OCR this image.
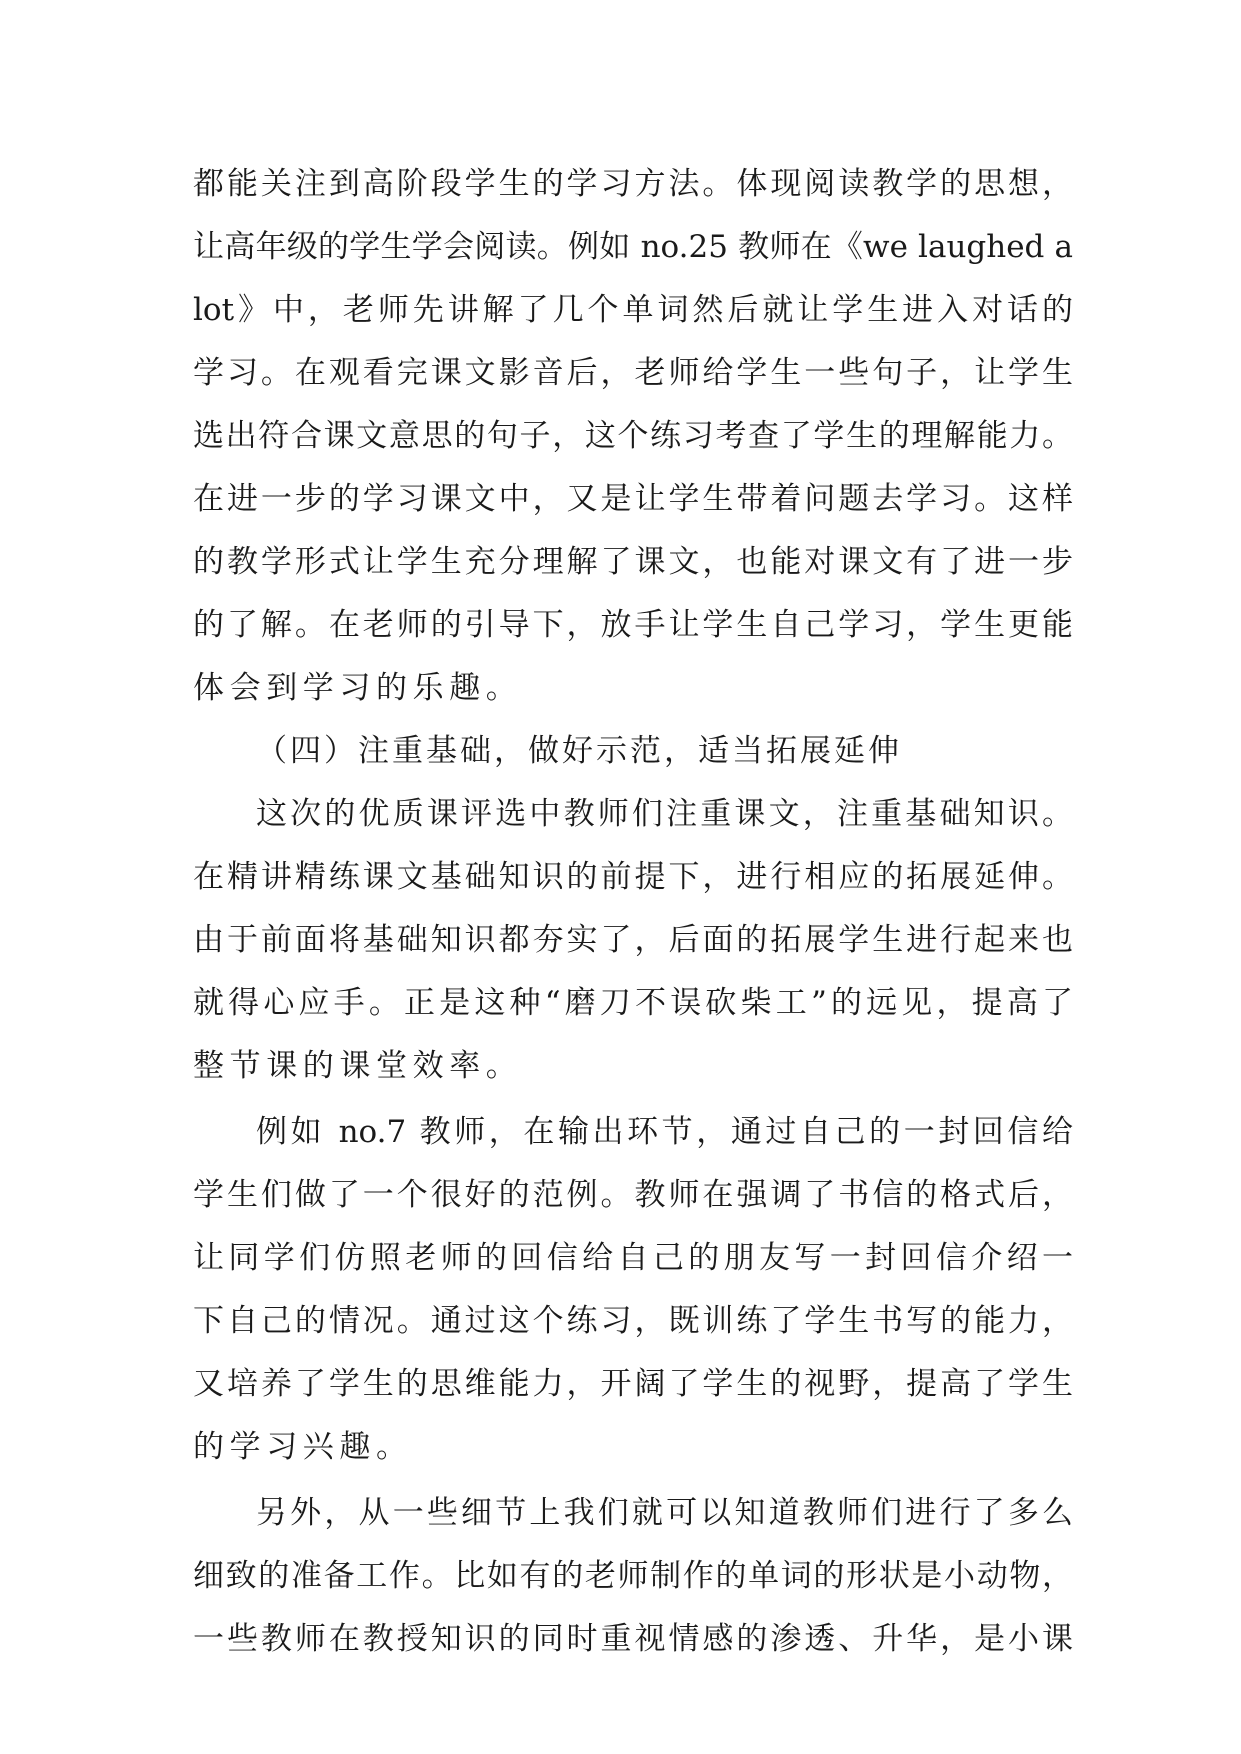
都能关注到高阶段学生的学习方法。体现阅读教学的思想，
让高年级的学生学会阅读。例如 no.25 教师在《we laughed a
lot》中，老师先讲解了几个单词然后就让学生进入对话的
学习。在观看完课文影音后，老师给学生一些句子，让学生
选出符合课文意思的句子，这个练习考查了学生的理解能力。
在进一步的学习课文中，又是让学生带着问题去学习。这样
的教学形式让学生充分理解了课文，也能对课文有了进一步
的了解。在老师的引导下，放手让学生自己学习，学生更能
体会到学习的乐趣。
（四）注重基础，做好示范，适当拓展延伸
这次的优质课评选中教师们注重课文，注重基础知识。
在精讲精练课文基础知识的前提下，进行相应的拓展延伸。
由于前面将基础知识都夯实了，后面的拓展学生进行起来也
就得心应手。正是这种“磨刀不误砍柴工”的远见，提高了
整节课的课堂效率。
例如 no.7 教师，在输出环节，通过自己的一封回信给
学生们做了一个很好的范例。教师在强调了书信的格式后，
让同学们仿照老师的回信给自己的朋友写一封回信介绍一
下自己的情况。通过这个练习，既训练了学生书写的能力，
又培养了学生的思维能力，开阔了学生的视野，提高了学生
的学习兴趣。
另外，从一些细节上我们就可以知道教师们进行了多么
细致的准备工作。比如有的老师制作的单词的形状是小动物，
一些教师在教授知识的同时重视情感的渗透、升华，是小课
